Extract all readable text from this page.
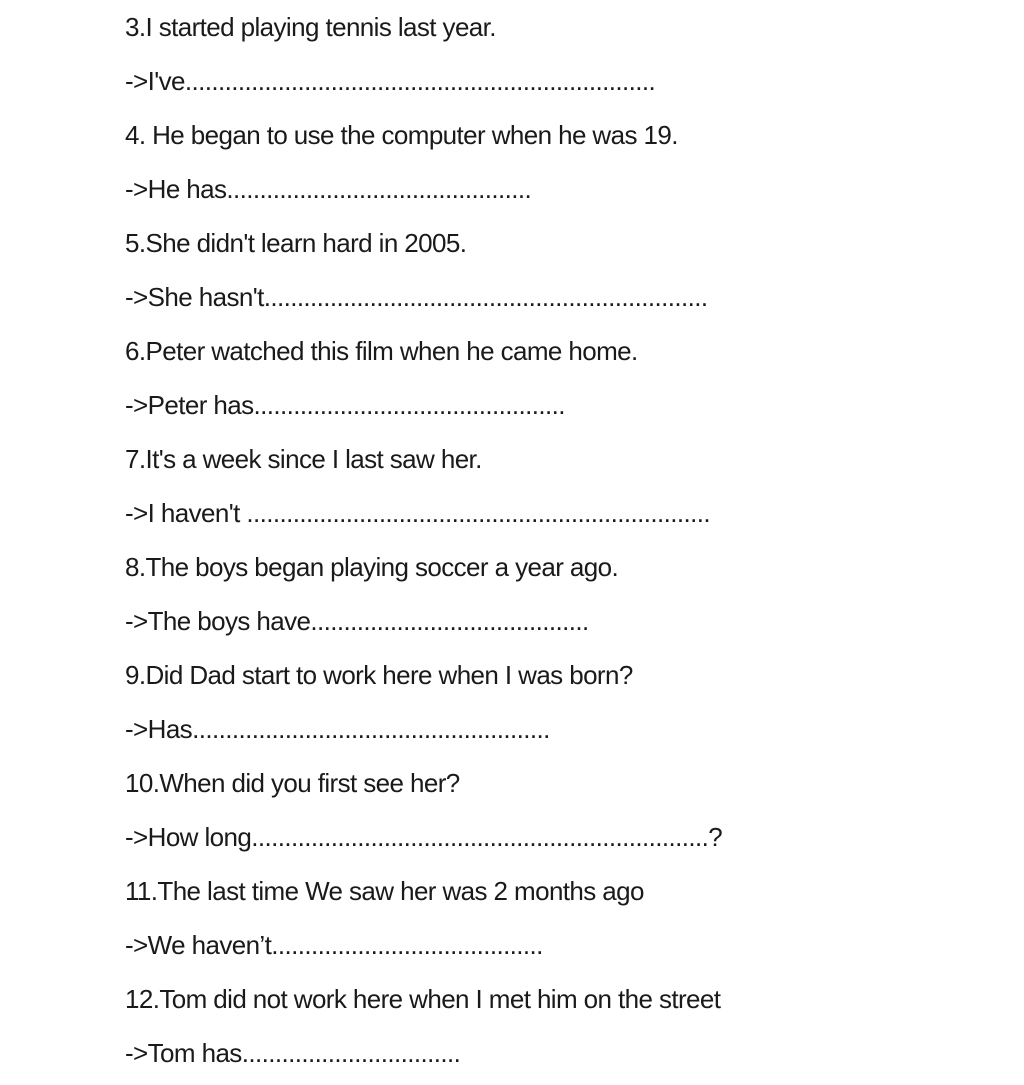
3.I started playing tennis last year.
->I've.......................................................................
4. He began to use the computer when he was 19.
->He has..............................................
5.She didn't learn hard in 2005.
->She hasn't...................................................................
6.Peter watched this film when he came home.
->Peter has...............................................
7.It's a week since I last saw her.
->I haven't ......................................................................
8.The boys began playing soccer a year ago.
->The boys have..........................................
9.Did Dad start to work here when I was born?
->Has......................................................
10.When did you first see her?
->How long.....................................................................?
11.The last time We saw her was 2 months ago
->We haven’t.........................................
12.Tom did not work here when I met him on the street
->Tom has.................................
